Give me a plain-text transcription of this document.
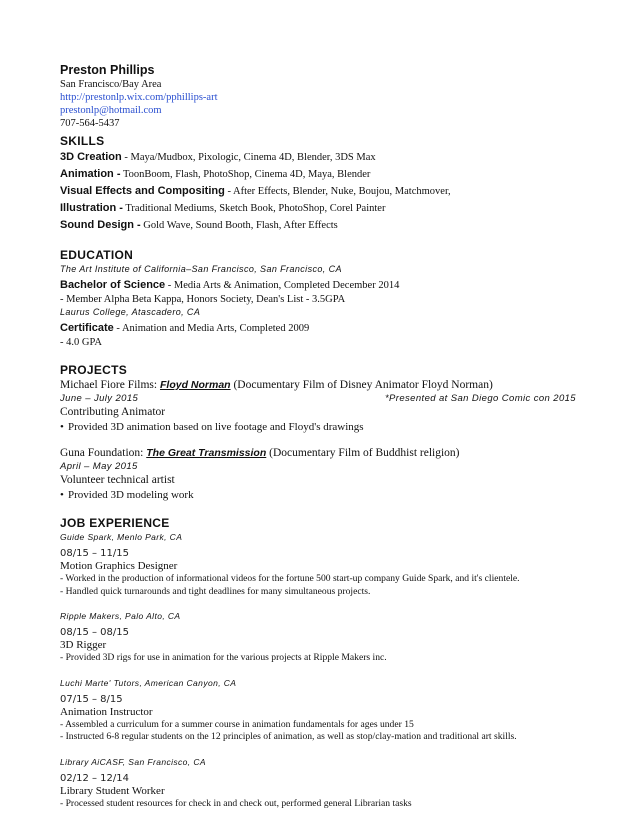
Preston Phillips
San Francisco/Bay Area
http://prestonlp.wix.com/pphillips-art
prestonlp@hotmail.com
707-564-5437
SKILLS
3D Creation - Maya/Mudbox, Pixologic, Cinema 4D, Blender, 3DS Max
Animation - ToonBoom, Flash, PhotoShop, Cinema 4D, Maya, Blender
Visual Effects and Compositing - After Effects, Blender, Nuke, Boujou, Matchmover,
Illustration - Traditional Mediums, Sketch Book, PhotoShop, Corel Painter
Sound Design - Gold Wave, Sound Booth, Flash, After Effects
EDUCATION
The Art Institute of California–San Francisco, San Francisco, CA
Bachelor of Science - Media Arts & Animation, Completed December 2014
- Member Alpha Beta Kappa, Honors Society, Dean's List - 3.5GPA
Laurus College, Atascadero, CA
Certificate - Animation and Media Arts, Completed 2009
- 4.0 GPA
PROJECTS
Michael Fiore Films: Floyd Norman (Documentary Film of Disney Animator Floyd Norman)
June – July 2015	*Presented at San Diego Comic con 2015
Contributing Animator
• Provided 3D animation based on live footage and Floyd's drawings
Guna Foundation: The Great Transmission (Documentary Film of Buddhist religion)
April – May 2015
Volunteer technical artist
• Provided 3D modeling work
JOB EXPERIENCE
Guide Spark, Menlo Park, CA
08/15 – 11/15
Motion Graphics Designer
- Worked in the production of informational videos for the fortune 500 start-up company Guide Spark, and it's clientele.
- Handled quick turnarounds and tight deadlines for many simultaneous projects.
Ripple Makers, Palo Alto, CA
08/15 – 08/15
3D Rigger
- Provided 3D rigs for use in animation for the various projects at Ripple Makers inc.
Luchi Marte' Tutors, American Canyon, CA
07/15 – 8/15
Animation Instructor
- Assembled a curriculum for a summer course in animation fundamentals for ages under 15
- Instructed 6-8 regular students on the 12 principles of animation, as well as stop/clay-mation and traditional art skills.
Library AiCASF, San Francisco, CA
02/12 – 12/14
Library Student Worker
- Processed student resources for check in and check out, performed general Librarian tasks
